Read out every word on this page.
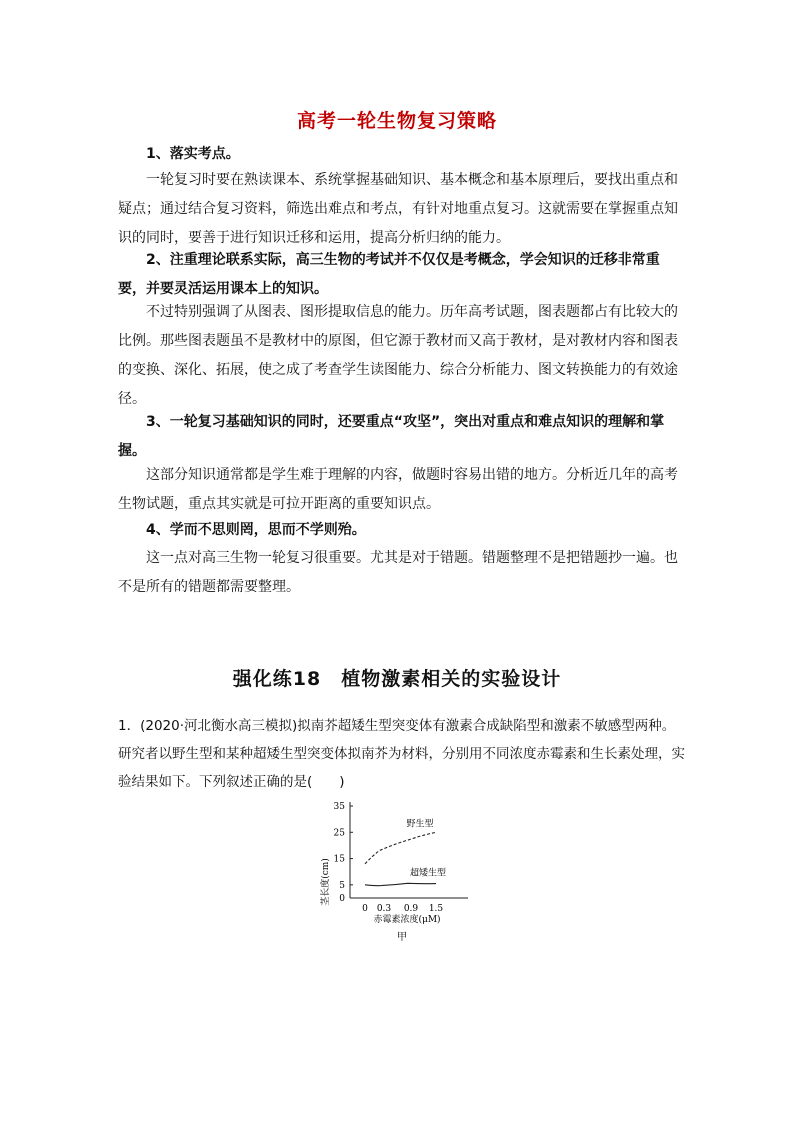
高考一轮生物复习策略
1、落实考点。
一轮复习时要在熟读课本、系统掌握基础知识、基本概念和基本原理后，要找出重点和疑点；通过结合复习资料，筛选出难点和考点，有针对地重点复习。这就需要在掌握重点知识的同时，要善于进行知识迁移和运用，提高分析归纳的能力。
2、注重理论联系实际，高三生物的考试并不仅仅是考概念，学会知识的迁移非常重要，并要灵活运用课本上的知识。
不过特别强调了从图表、图形提取信息的能力。历年高考试题，图表题都占有比较大的比例。那些图表题虽不是教材中的原图，但它源于教材而又高于教材，是对教材内容和图表的变换、深化、拓展，使之成了考查学生读图能力、综合分析能力、图文转换能力的有效途径。
3、一轮复习基础知识的同时，还要重点“攻坚”，突出对重点和难点知识的理解和掌握。
这部分知识通常都是学生难于理解的内容，做题时容易出错的地方。分析近几年的高考生物试题，重点其实就是可拉开距离的重要知识点。
4、学而不思则罔，思而不学则殆。
这一点对高三生物一轮复习很重要。尤其是对于错题。错题整理不是把错题抄一遍。也不是所有的错题都需要整理。
强化练18　植物激素相关的实验设计
1．(2020·河北衡水高三模拟)拟南芥超矮生型突变体有激素合成缺陷型和激素不敏感型两种。研究者以野生型和某种超矮生型突变体拟南芥为材料，分别用不同浓度赤霉素和生长素处理，实验结果如下。下列叙述正确的是(　　)
0
5
15
25
35
0 0.3 0.9 1.5
野生型
超矮生型
茎长度(cm)
赤霉素浓度(μM)
甲
